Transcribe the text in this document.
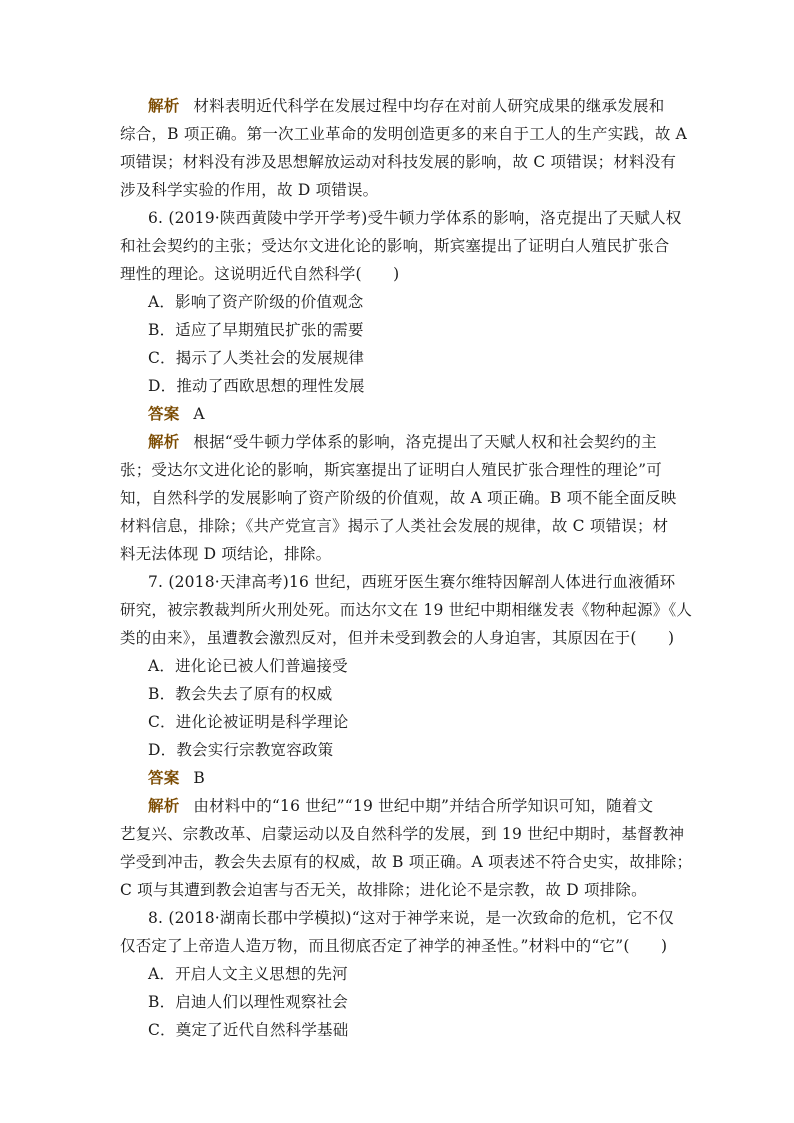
解析 材料表明近代科学在发展过程中均存在对前人研究成果的继承发展和
综合，B 项正确。第一次工业革命的发明创造更多的来自于工人的生产实践，故 A
项错误；材料没有涉及思想解放运动对科技发展的影响，故 C 项错误；材料没有
涉及科学实验的作用，故 D 项错误。
6. (2019·陕西黄陵中学开学考)受牛顿力学体系的影响，洛克提出了天赋人权
和社会契约的主张；受达尔文进化论的影响，斯宾塞提出了证明白人殖民扩张合
理性的理论。这说明近代自然科学(　　)
A．影响了资产阶级的价值观念
B．适应了早期殖民扩张的需要
C．揭示了人类社会的发展规律
D．推动了西欧思想的理性发展
答案 A
解析 根据“受牛顿力学体系的影响，洛克提出了天赋人权和社会契约的主
张；受达尔文进化论的影响，斯宾塞提出了证明白人殖民扩张合理性的理论”可
知，自然科学的发展影响了资产阶级的价值观，故 A 项正确。B 项不能全面反映
材料信息，排除；《共产党宣言》揭示了人类社会发展的规律，故 C 项错误；材
料无法体现 D 项结论，排除。
7. (2018·天津高考)16 世纪，西班牙医生赛尔维特因解剖人体进行血液循环
研究，被宗教裁判所火刑处死。而达尔文在 19 世纪中期相继发表《物种起源》《人
类的由来》，虽遭教会激烈反对，但并未受到教会的人身迫害，其原因在于(　　)
A．进化论已被人们普遍接受
B．教会失去了原有的权威
C．进化论被证明是科学理论
D．教会实行宗教宽容政策
答案 B
解析 由材料中的“16 世纪”“19 世纪中期”并结合所学知识可知，随着文
艺复兴、宗教改革、启蒙运动以及自然科学的发展，到 19 世纪中期时，基督教神
学受到冲击，教会失去原有的权威，故 B 项正确。A 项表述不符合史实，故排除；
C 项与其遭到教会迫害与否无关，故排除；进化论不是宗教，故 D 项排除。
8. (2018·湖南长郡中学模拟)“这对于神学来说，是一次致命的危机，它不仅
仅否定了上帝造人造万物，而且彻底否定了神学的神圣性。”材料中的“它”(　　)
A．开启人文主义思想的先河
B．启迪人们以理性观察社会
C．奠定了近代自然科学基础
